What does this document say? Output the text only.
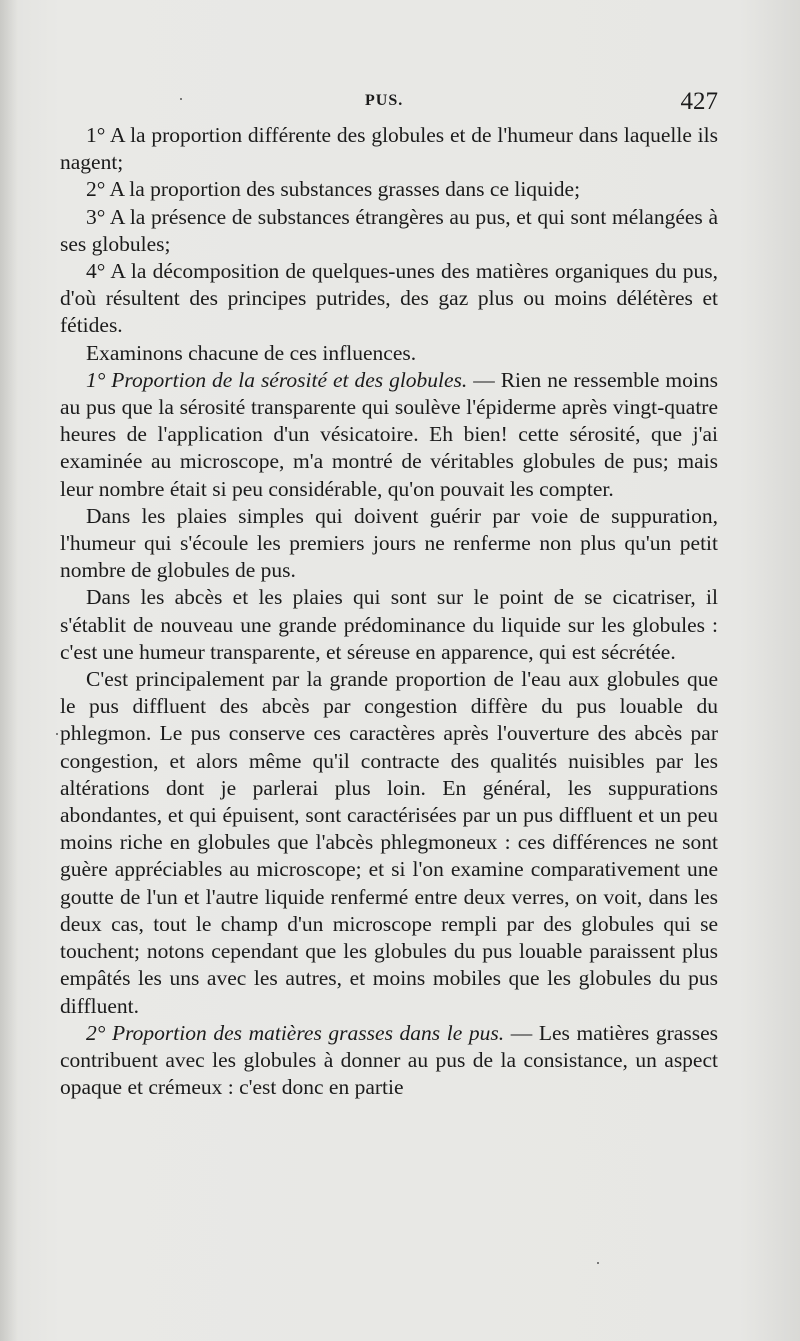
PUS.	427

1° A la proportion différente des globules et de l'humeur dans laquelle ils nagent;

2° A la proportion des substances grasses dans ce liquide;

3° A la présence de substances étrangères au pus, et qui sont mélangées à ses globules;

4° A la décomposition de quelques-unes des matières organiques du pus, d'où résultent des principes putrides, des gaz plus ou moins délétères et fétides.

Examinons chacune de ces influences.

1° Proportion de la sérosité et des globules. — Rien ne ressemble moins au pus que la sérosité transparente qui soulève l'épiderme après vingt-quatre heures de l'application d'un vésicatoire. Eh bien! cette sérosité, que j'ai examinée au microscope, m'a montré de véritables globules de pus; mais leur nombre était si peu considérable, qu'on pouvait les compter.

Dans les plaies simples qui doivent guérir par voie de suppuration, l'humeur qui s'écoule les premiers jours ne renferme non plus qu'un petit nombre de globules de pus.

Dans les abcès et les plaies qui sont sur le point de se cicatriser, il s'établit de nouveau une grande prédominance du liquide sur les globules : c'est une humeur transparente, et séreuse en apparence, qui est sécrétée.

C'est principalement par la grande proportion de l'eau aux globules que le pus diffluent des abcès par congestion diffère du pus louable du phlegmon. Le pus conserve ces caractères après l'ouverture des abcès par congestion, et alors même qu'il contracte des qualités nuisibles par les altérations dont je parlerai plus loin. En général, les suppurations abondantes, et qui épuisent, sont caractérisées par un pus diffluent et un peu moins riche en globules que l'abcès phlegmoneux : ces différences ne sont guère appréciables au microscope; et si l'on examine comparativement une goutte de l'un et l'autre liquide renfermé entre deux verres, on voit, dans les deux cas, tout le champ d'un microscope rempli par des globules qui se touchent; notons cependant que les globules du pus louable paraissent plus empâtés les uns avec les autres, et moins mobiles que les globules du pus diffluent.

2° Proportion des matières grasses dans le pus. — Les matières grasses contribuent avec les globules à donner au pus de la consistance, un aspect opaque et crémeux : c'est donc en partie
